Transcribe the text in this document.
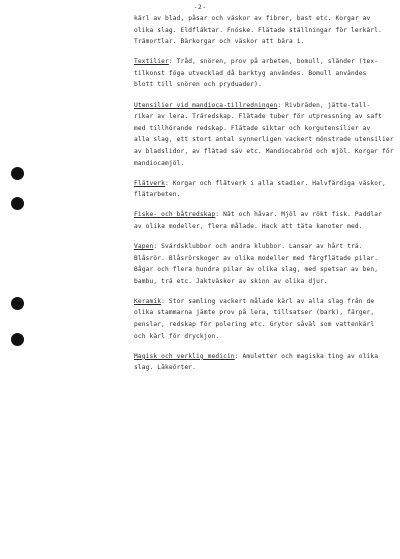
-2-
kärl av blad, påsar och väskor av fibrer, bast etc. Korgar av
olika slag. Eldfläktar. Fnöske. Flätade ställningar för lerkärl.
Trämortlar. Bärkorgar och väskor att bära i.
Textilier: Tråd, snören, prov på arbeten, bomull, sländer (tex-
tilkonst föga utvecklad då barktyg användes. Bomull användes
blott till snören och pryduader).
Utensilier vid mandioca-tillredningen: Rivbräden, jätte-tall-
rikar av lera. Träredskap. Flätade tuber för utpressning av saft
med tillhörande redskap. Flätade siktar och korgutensilier av
alla slag, ett stort antal synnerligen vackert mönstrade utensilier
av bladslidor, av flätad säv etc. Mandiocabröd och mjöl. Korgar för
mandiocamjöl.
Flätverk: Korgar och flätverk i alla stadier. Halvfärdiga väskor,
flätarbeten.
Fiske- och båtredskap: Nät och håvar. Mjöl av rökt fisk. Paddlar
av olika modeller, flera målade. Hack att täta kanoter med.
Vapen: Svärdsklubbor och andra klubbor. Lansar av hårt trä.
Blåsrör. Blåsrörskoger av olika modeller med färgflätade pilar.
Bågar och flera hundra pilar av olika slag, med spetsar av ben,
bambu, trä etc. Jaktväskor av skinn av olika djur.
Keramik: Stor samling vackert målade kärl av alla slag från de
olika stammarna jämte prov på lera, tillsatser (bark), färger,
penslar, redskap för polering etc. Grytor såväl som vattenkärl
och kärl för dryckjon.
Magisk och verklig medicin: Amuletter och magiska ting av olika
slag. Läkeörter.
